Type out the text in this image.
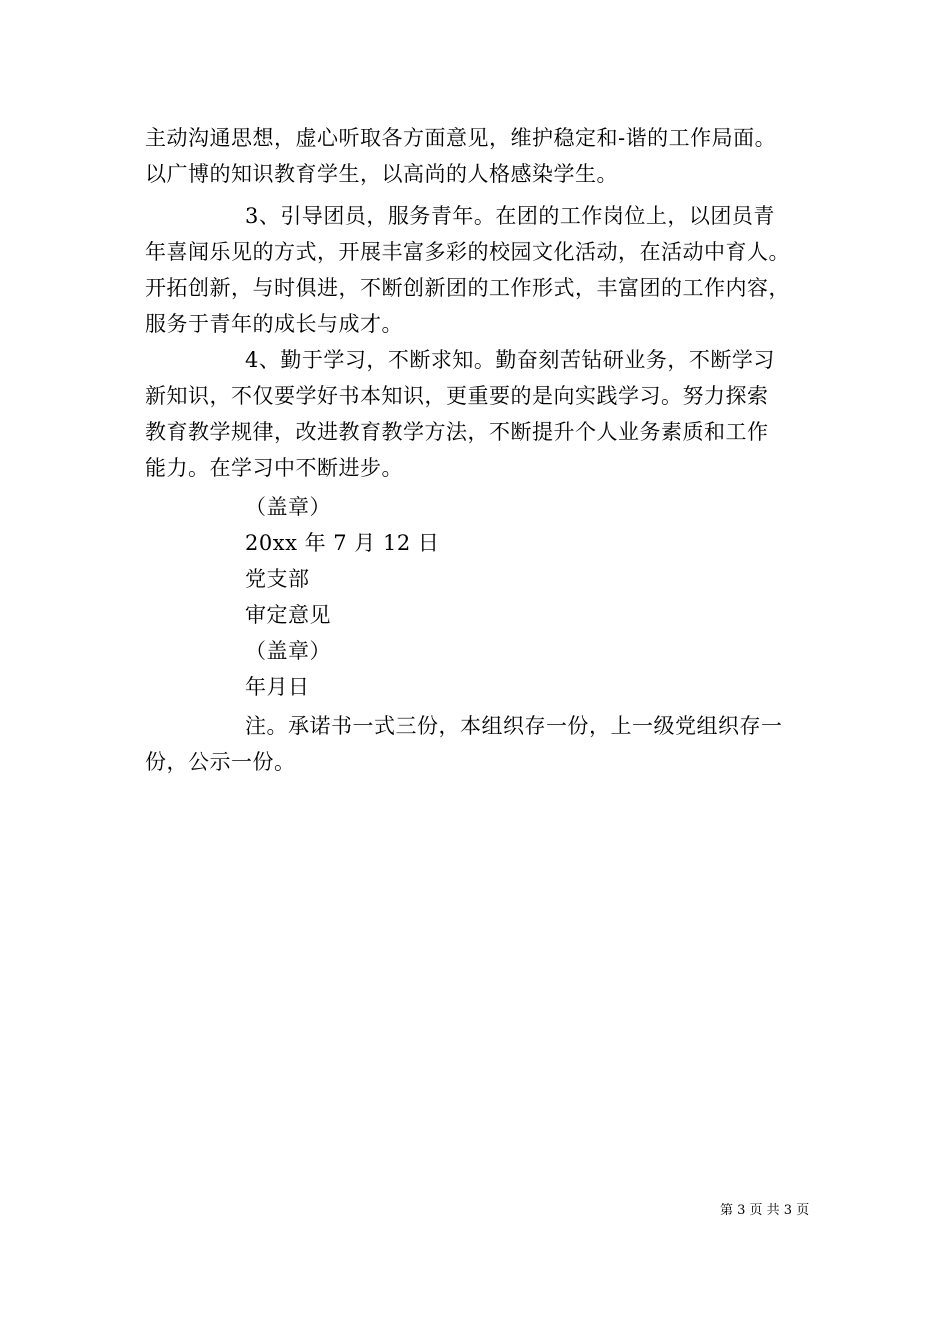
主动沟通思想，虚心听取各方面意见，维护稳定和-谐的工作局面。
以广博的知识教育学生，以高尚的人格感染学生。
3、引导团员，服务青年。在团的工作岗位上，以团员青
年喜闻乐见的方式，开展丰富多彩的校园文化活动，在活动中育人。
开拓创新，与时俱进，不断创新团的工作形式，丰富团的工作内容，
服务于青年的成长与成才。
4、勤于学习，不断求知。勤奋刻苦钻研业务，不断学习
新知识，不仅要学好书本知识，更重要的是向实践学习。努力探索
教育教学规律，改进教育教学方法，不断提升个人业务素质和工作
能力。在学习中不断进步。
（盖章）
20xx 年 7 月 12 日
党支部
审定意见
（盖章）
年月日
注。承诺书一式三份，本组织存一份，上一级党组织存一
份，公示一份。
第 3 页 共 3 页
